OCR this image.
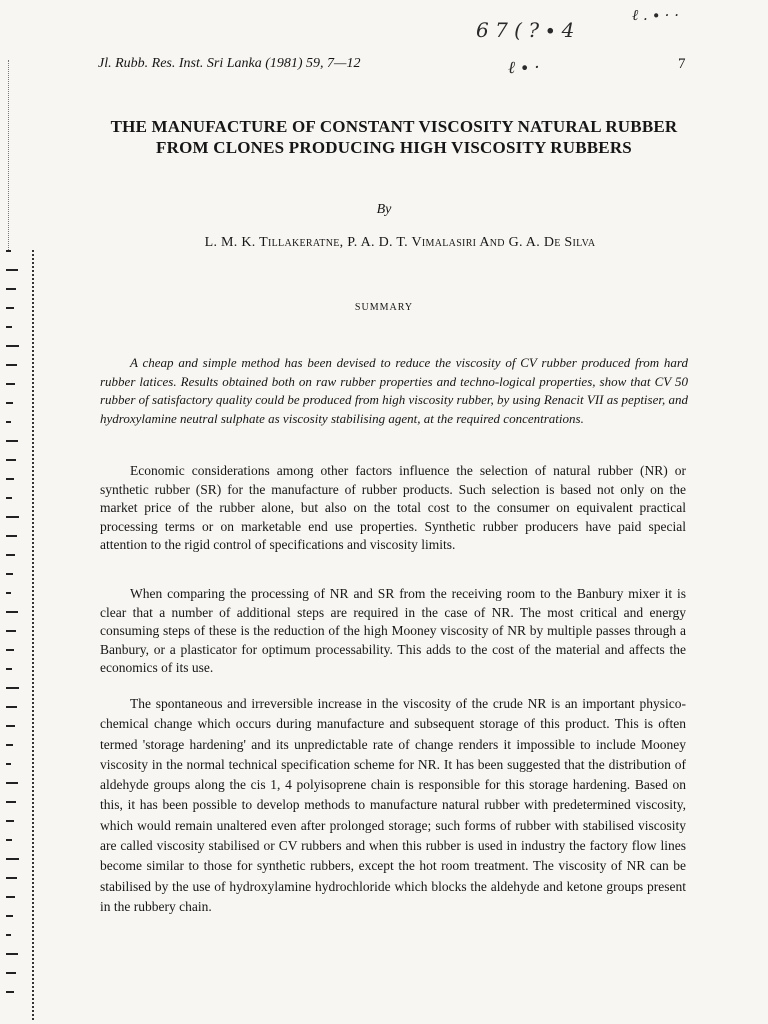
6 7 ( ? ∙ 4
ℓ . ∙ · ·
ℓ ∙ ·
Jl. Rubb. Res. Inst. Sri Lanka (1981) 59, 7—12	7
THE MANUFACTURE OF CONSTANT VISCOSITY NATURAL RUBBER FROM CLONES PRODUCING HIGH VISCOSITY RUBBERS
By
L. M. K. Tillakeratne, P. A. D. T. Vimalasiri And G. A. De Silva
SUMMARY

A cheap and simple method has been devised to reduce the viscosity of CV rubber produced from hard rubber latices. Results obtained both on raw rubber properties and techno-logical properties, show that CV 50 rubber of satisfactory quality could be produced from high viscosity rubber, by using Renacit VII as peptiser, and hydroxylamine neutral sulphate as viscosity stabilising agent, at the required concentrations.

Economic considerations among other factors influence the selection of natural rubber (NR) or synthetic rubber (SR) for the manufacture of rubber products. Such selection is based not only on the market price of the rubber alone, but also on the total cost to the consumer on equivalent practical processing terms or on marketable end use properties. Synthetic rubber producers have paid special attention to the rigid control of specifications and viscosity limits.

When comparing the processing of NR and SR from the receiving room to the Banbury mixer it is clear that a number of additional steps are required in the case of NR. The most critical and energy consuming steps of these is the reduction of the high Mooney viscosity of NR by multiple passes through a Banbury, or a plasticator for optimum processability. This adds to the cost of the material and affects the economics of its use.

The spontaneous and irreversible increase in the viscosity of the crude NR is an important physico-chemical change which occurs during manufacture and subsequent storage of this product. This is often termed 'storage hardening' and its unpredictable rate of change renders it impossible to include Mooney viscosity in the normal technical specification scheme for NR. It has been suggested that the distribution of aldehyde groups along the cis 1, 4 polyisoprene chain is responsible for this storage hardening. Based on this, it has been possible to develop methods to manufacture natural rubber with predetermined viscosity, which would remain unaltered even after prolonged storage; such forms of rubber with stabilised viscosity are called viscosity stabilised or CV rubbers and when this rubber is used in industry the factory flow lines become similar to those for synthetic rubbers, except the hot room treatment. The viscosity of NR can be stabilised by the use of hydroxylamine hydrochloride which blocks the aldehyde and ketone groups present in the rubbery chain.
